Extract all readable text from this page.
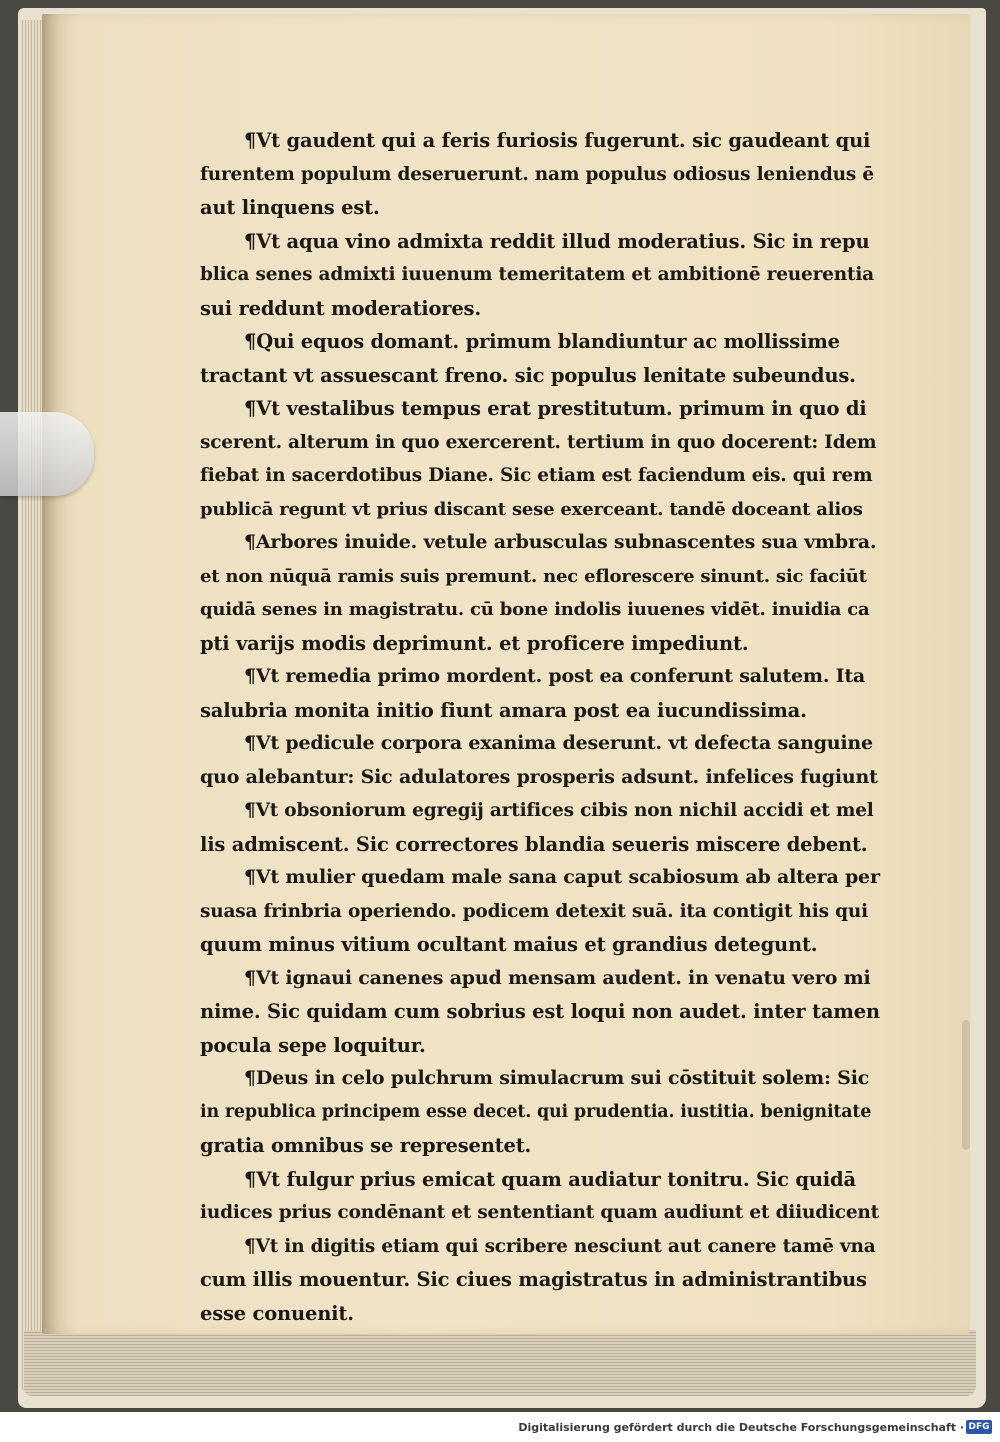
¶Vt gaudent qui a feris furiosis fugerunt. sic gaudeant qui
furentem populum deseruerunt. nam populus odiosus leniendus ē
aut linquens est.
¶Vt aqua vino admixta reddit illud moderatius. Sic in repu
blica senes admixti iuuenum temeritatem et ambitionē reuerentia
sui reddunt moderatiores.
¶Qui equos domant. primum blandiuntur ac mollissime
tractant vt assuescant freno. sic populus lenitate subeundus.
¶Vt vestalibus tempus erat prestitutum. primum in quo di
scerent. alterum in quo exercerent. tertium in quo docerent: Idem
fiebat in sacerdotibus Diane. Sic etiam est faciendum eis. qui rem
publicā regunt vt prius discant sese exerceant. tandē doceant alios
¶Arbores inuide. vetule arbusculas subnascentes sua vmbra.
et non nūquā ramis suis premunt. nec eflorescere sinunt. sic faciūt
quidā senes in magistratu. cū bone indolis iuuenes vidēt. inuidia ca
pti varijs modis deprimunt. et proficere impediunt.
¶Vt remedia primo mordent. post ea conferunt salutem. Ita
salubria monita initio fiunt amara post ea iucundissima.
¶Vt pedicule corpora exanima deserunt. vt defecta sanguine
quo alebantur: Sic adulatores prosperis adsunt. infelices fugiunt
¶Vt obsoniorum egregij artifices cibis non nichil accidi et mel
lis admiscent. Sic correctores blandia seueris miscere debent.
¶Vt mulier quedam male sana caput scabiosum ab altera per
suasa frinbria operiendo. podicem detexit suā. ita contigit his qui
quum minus vitium ocultant maius et grandius detegunt.
¶Vt ignaui canenes apud mensam audent. in venatu vero mi
nime. Sic quidam cum sobrius est loqui non audet. inter tamen
pocula sepe loquitur.
¶Deus in celo pulchrum simulacrum sui cōstituit solem: Sic
in republica principem esse decet. qui prudentia. iustitia. benignitate
gratia omnibus se representet.
¶Vt fulgur prius emicat quam audiatur tonitru. Sic quidā
iudices prius condēnant et sententiant quam audiunt et diiudicent
¶Vt in digitis etiam qui scribere nesciunt aut canere tamē vna
cum illis mouentur. Sic ciues magistratus in administrantibus
esse conuenit.
Digitalisierung gefördert durch die Deutsche Forschungsgemeinschaft · DFG
